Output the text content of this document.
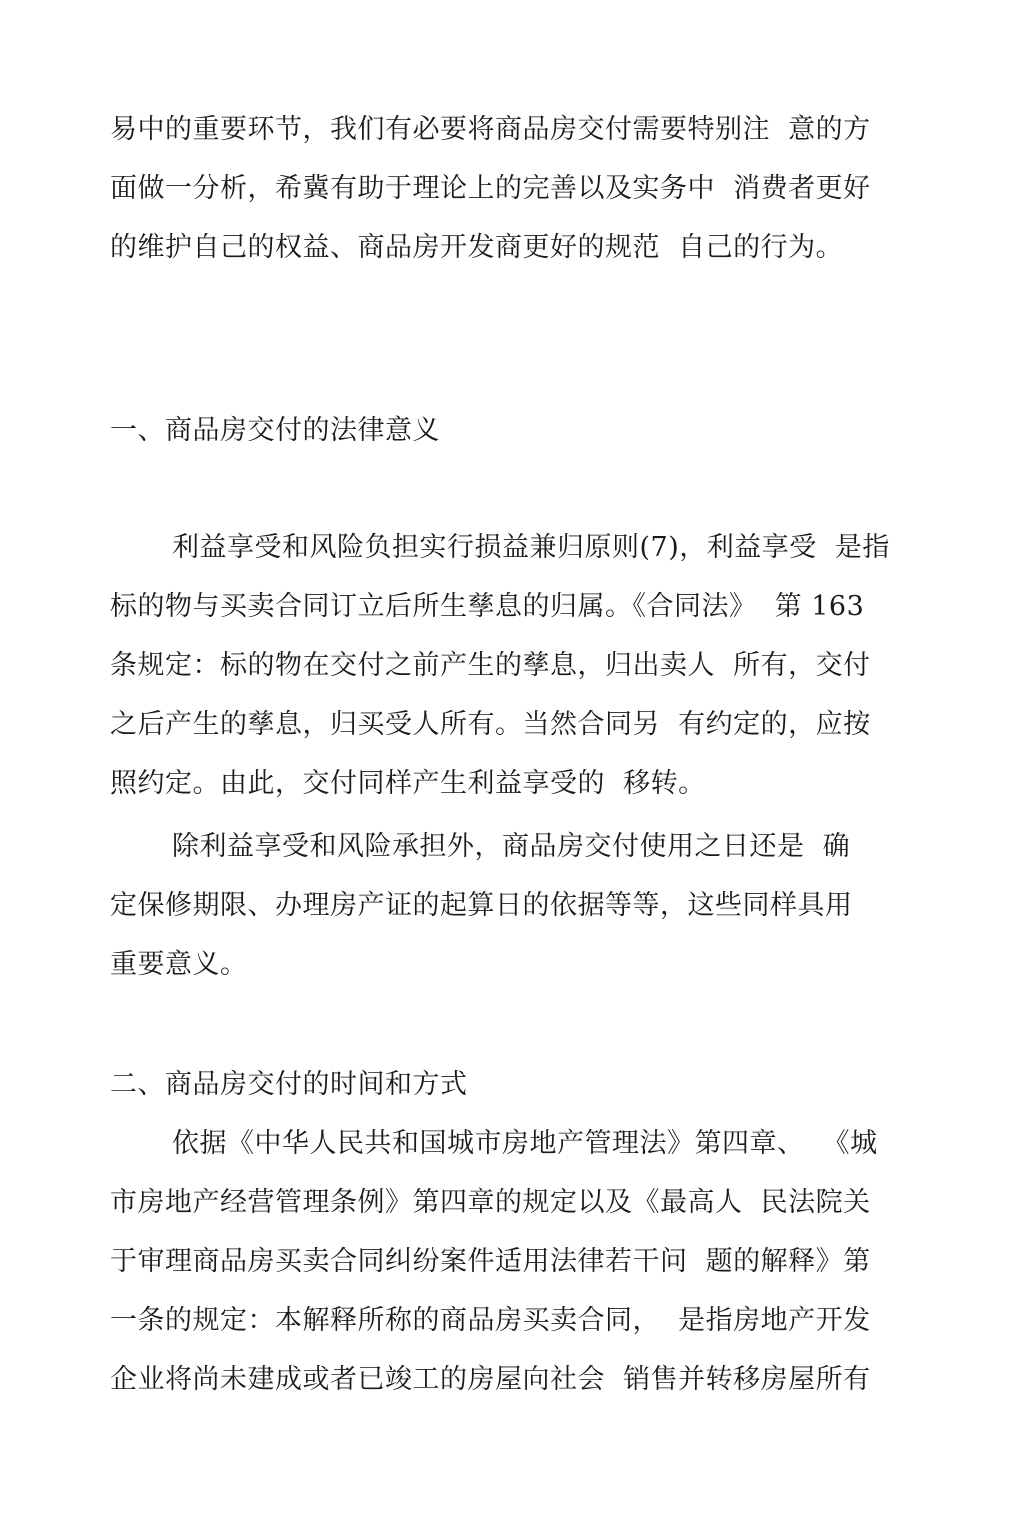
易中的重要环节，我们有必要将商品房交付需要特别注  意的方
面做一分析，希冀有助于理论上的完善以及实务中  消费者更好
的维护自己的权益、商品房开发商更好的规范  自己的行为。
一、商品房交付的法律意义
利益享受和风险负担实行损益兼归原则(7)，利益享受  是指
标的物与买卖合同订立后所生孳息的归属。《合同法》  第 163
条规定：标的物在交付之前产生的孳息，归出卖人  所有，交付
之后产生的孳息，归买受人所有。当然合同另  有约定的，应按
照约定。由此，交付同样产生利益享受的  移转。
除利益享受和风险承担外，商品房交付使用之日还是  确
定保修期限、办理房产证的起算日的依据等等，这些同样具用
重要意义。
二、商品房交付的时间和方式
依据《中华人民共和国城市房地产管理法》第四章、  《城
市房地产经营管理条例》第四章的规定以及《最高人  民法院关
于审理商品房买卖合同纠纷案件适用法律若干问  题的解释》第
一条的规定：本解释所称的商品房买卖合同，  是指房地产开发
企业将尚未建成或者已竣工的房屋向社会  销售并转移房屋所有
